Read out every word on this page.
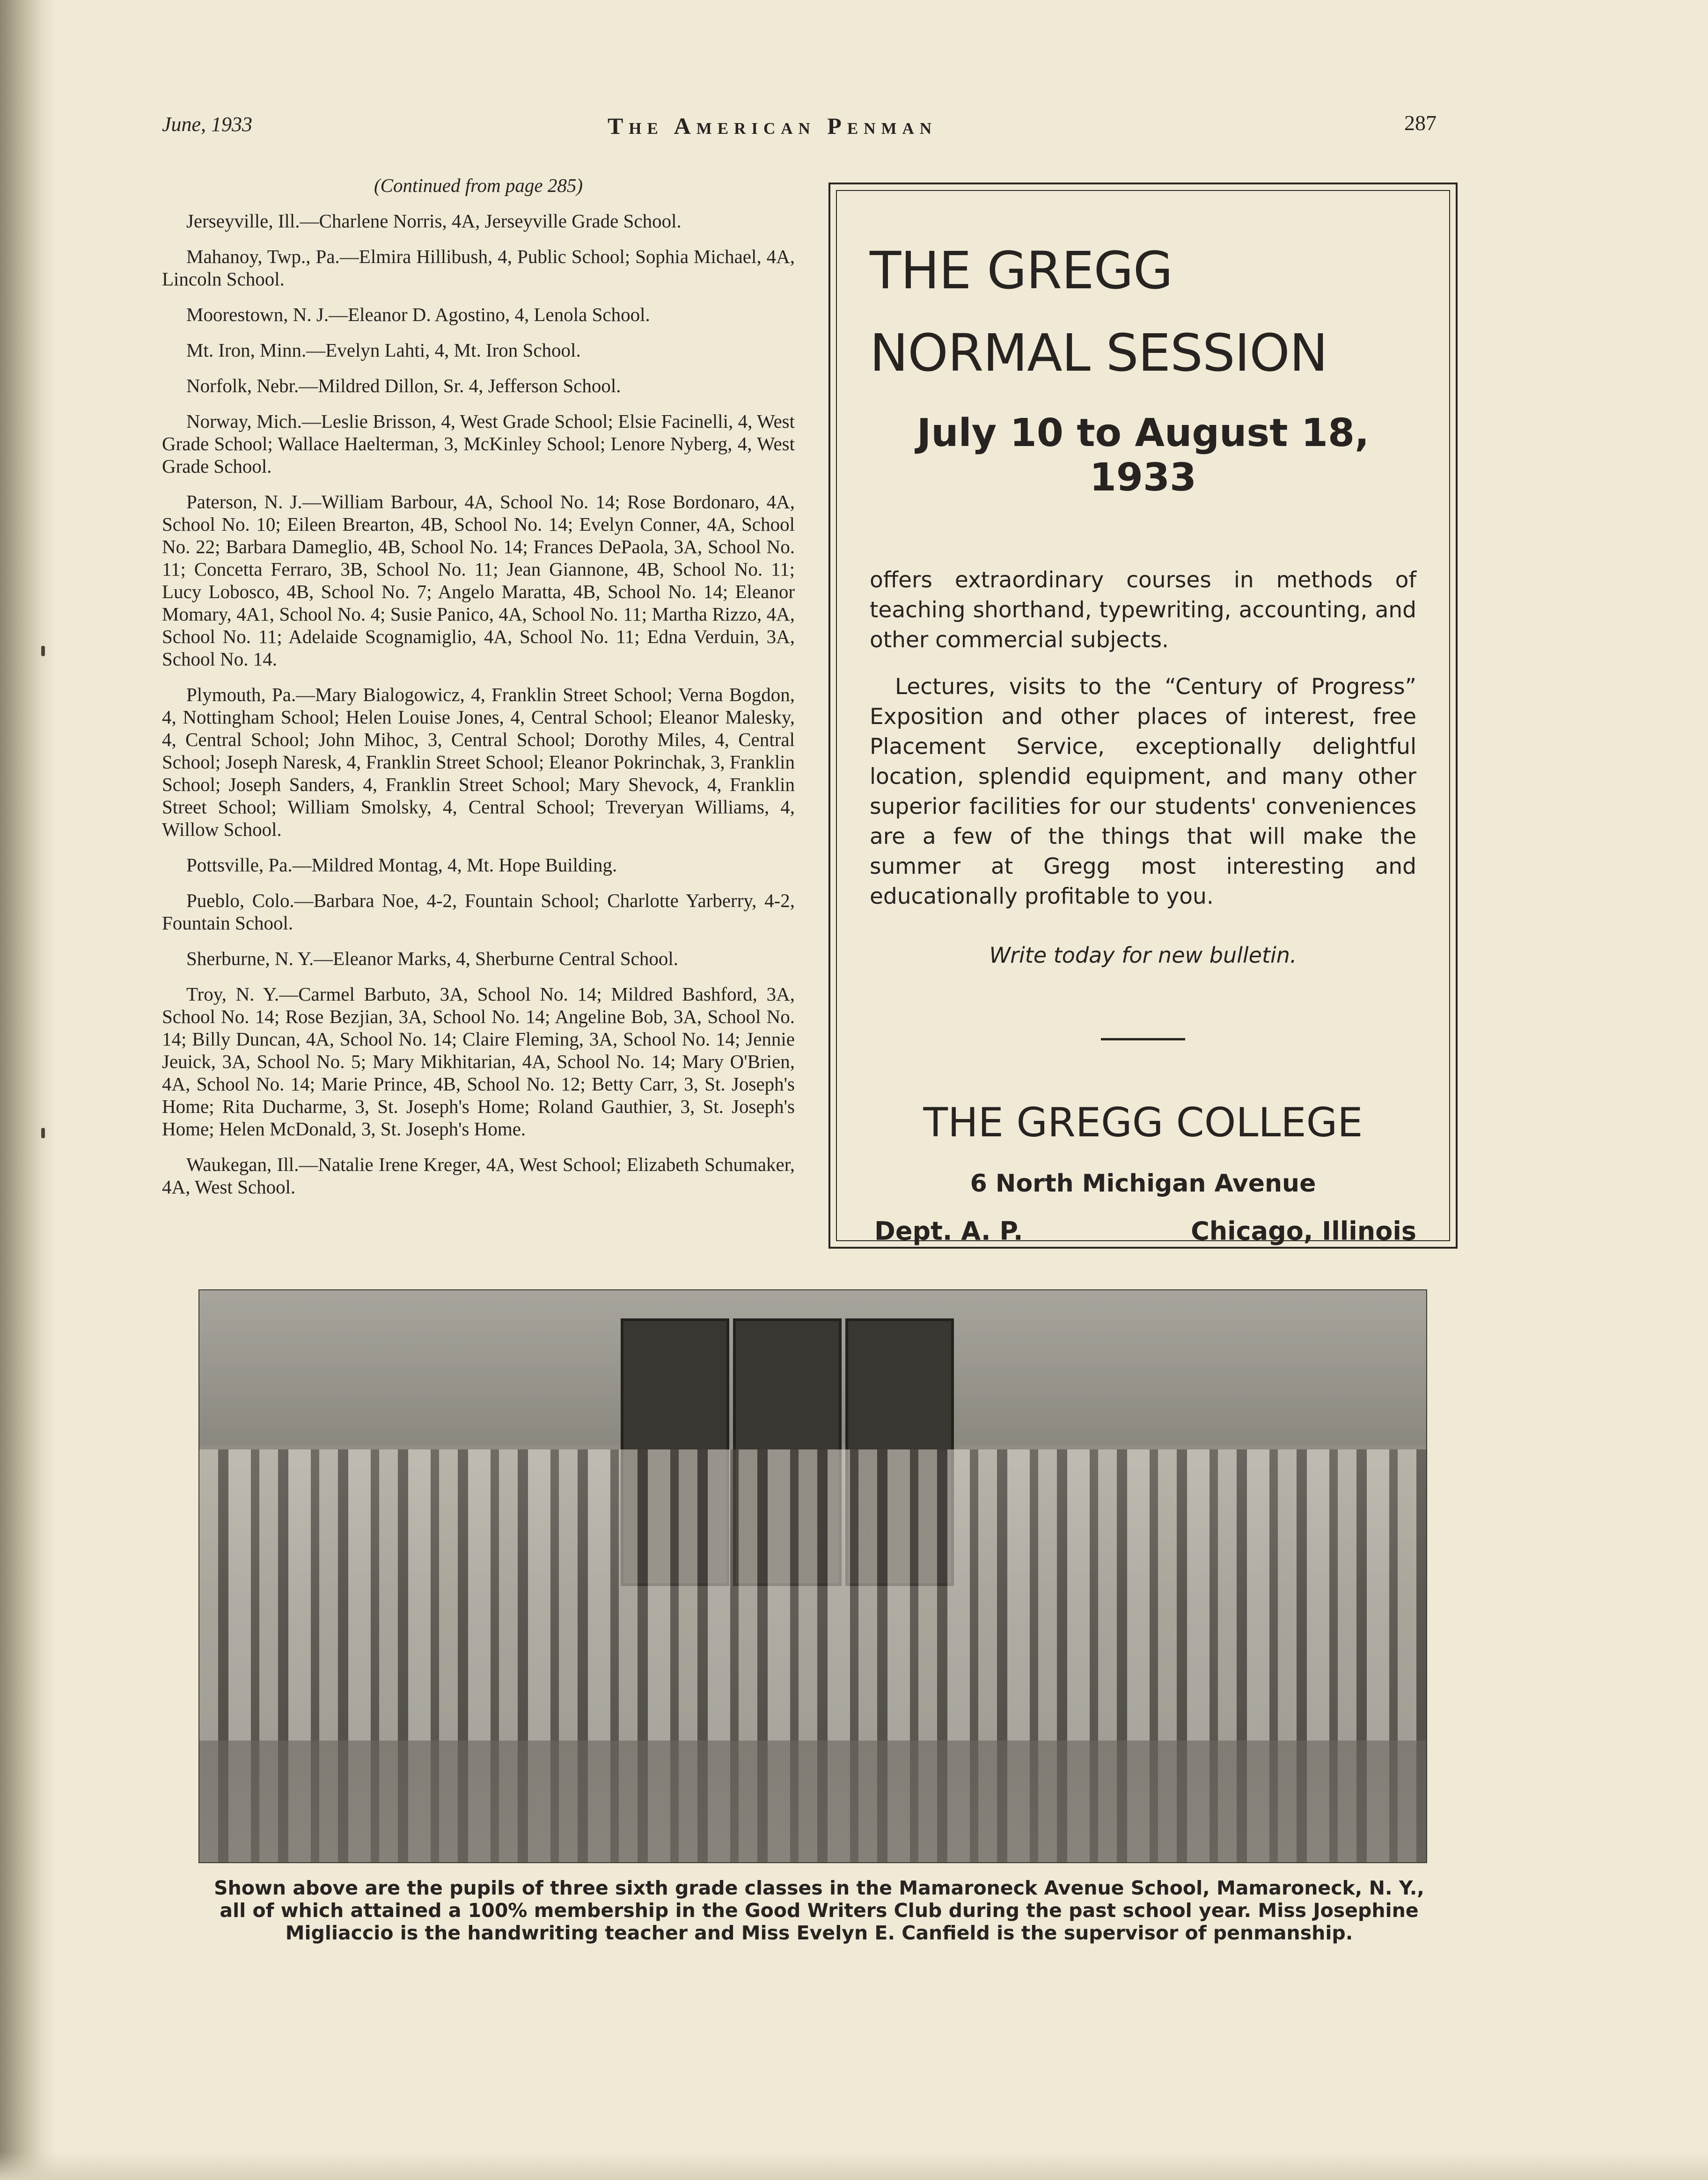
June, 1933	The American Penman	287
(Continued from page 285)

Jerseyville, Ill.—Charlene Norris, 4A, Jerseyville Grade School.

Mahanoy, Twp., Pa.—Elmira Hillibush, 4, Public School; Sophia Michael, 4A, Lincoln School.

Moorestown, N. J.—Eleanor D. Agostino, 4, Lenola School.

Mt. Iron, Minn.—Evelyn Lahti, 4, Mt. Iron School.

Norfolk, Nebr.—Mildred Dillon, Sr. 4, Jefferson School.

Norway, Mich.—Leslie Brisson, 4, West Grade School; Elsie Facinelli, 4, West Grade School; Wallace Haelterman, 3, McKinley School; Lenore Nyberg, 4, West Grade School.

Paterson, N. J.—William Barbour, 4A, School No. 14; Rose Bordonaro, 4A, School No. 10; Eileen Brearton, 4B, School No. 14; Evelyn Conner, 4A, School No. 22; Barbara Dameglio, 4B, School No. 14; Frances DePaola, 3A, School No. 11; Concetta Ferraro, 3B, School No. 11; Jean Giannone, 4B, School No. 11; Lucy Lobosco, 4B, School No. 7; Angelo Maratta, 4B, School No. 14; Eleanor Momary, 4A1, School No. 4; Susie Panico, 4A, School No. 11; Martha Rizzo, 4A, School No. 11; Adelaide Scognamiglio, 4A, School No. 11; Edna Verduin, 3A, School No. 14.

Plymouth, Pa.—Mary Bialogowicz, 4, Franklin Street School; Verna Bogdon, 4, Nottingham School; Helen Louise Jones, 4, Central School; Eleanor Malesky, 4, Central School; John Mihoc, 3, Central School; Dorothy Miles, 4, Central School; Joseph Naresk, 4, Franklin Street School; Eleanor Pokrinchak, 3, Franklin School; Joseph Sanders, 4, Franklin Street School; Mary Shevock, 4, Franklin Street School; William Smolsky, 4, Central School; Treveryan Williams, 4, Willow School.

Pottsville, Pa.—Mildred Montag, 4, Mt. Hope Building.

Pueblo, Colo.—Barbara Noe, 4-2, Fountain School; Charlotte Yarberry, 4-2, Fountain School.

Sherburne, N. Y.—Eleanor Marks, 4, Sherburne Central School.

Troy, N. Y.—Carmel Barbuto, 3A, School No. 14; Mildred Bashford, 3A, School No. 14; Rose Bezjian, 3A, School No. 14; Angeline Bob, 3A, School No. 14; Billy Duncan, 4A, School No. 14; Claire Fleming, 3A, School No. 14; Jennie Jeuick, 3A, School No. 5; Mary Mikhitarian, 4A, School No. 14; Mary O'Brien, 4A, School No. 14; Marie Prince, 4B, School No. 12; Betty Carr, 3, St. Joseph's Home; Rita Ducharme, 3, St. Joseph's Home; Roland Gauthier, 3, St. Joseph's Home; Helen McDonald, 3, St. Joseph's Home.

Waukegan, Ill.—Natalie Irene Kreger, 4A, West School; Elizabeth Schumaker, 4A, West School.

THE GREGG
NORMAL SESSION
July 10 to August 18, 1933

offers extraordinary courses in methods of teaching shorthand, typewriting, accounting, and other commercial subjects.

Lectures, visits to the “Century of Progress” Exposition and other places of interest, free Placement Service, exceptionally delightful location, splendid equipment, and many other superior facilities for our students' conveniences are a few of the things that will make the summer at Gregg most interesting and educationally profitable to you.

Write today for new bulletin.
THE GREGG COLLEGE
6 North Michigan Avenue
Dept. A. P.	Chicago, Illinois
Shown above are the pupils of three sixth grade classes in the Mamaroneck Avenue School, Mamaroneck, N. Y., all of which attained a 100% membership in the Good Writers Club during the past school year. Miss Josephine Migliaccio is the handwriting teacher and Miss Evelyn E. Canfield is the supervisor of penmanship.
